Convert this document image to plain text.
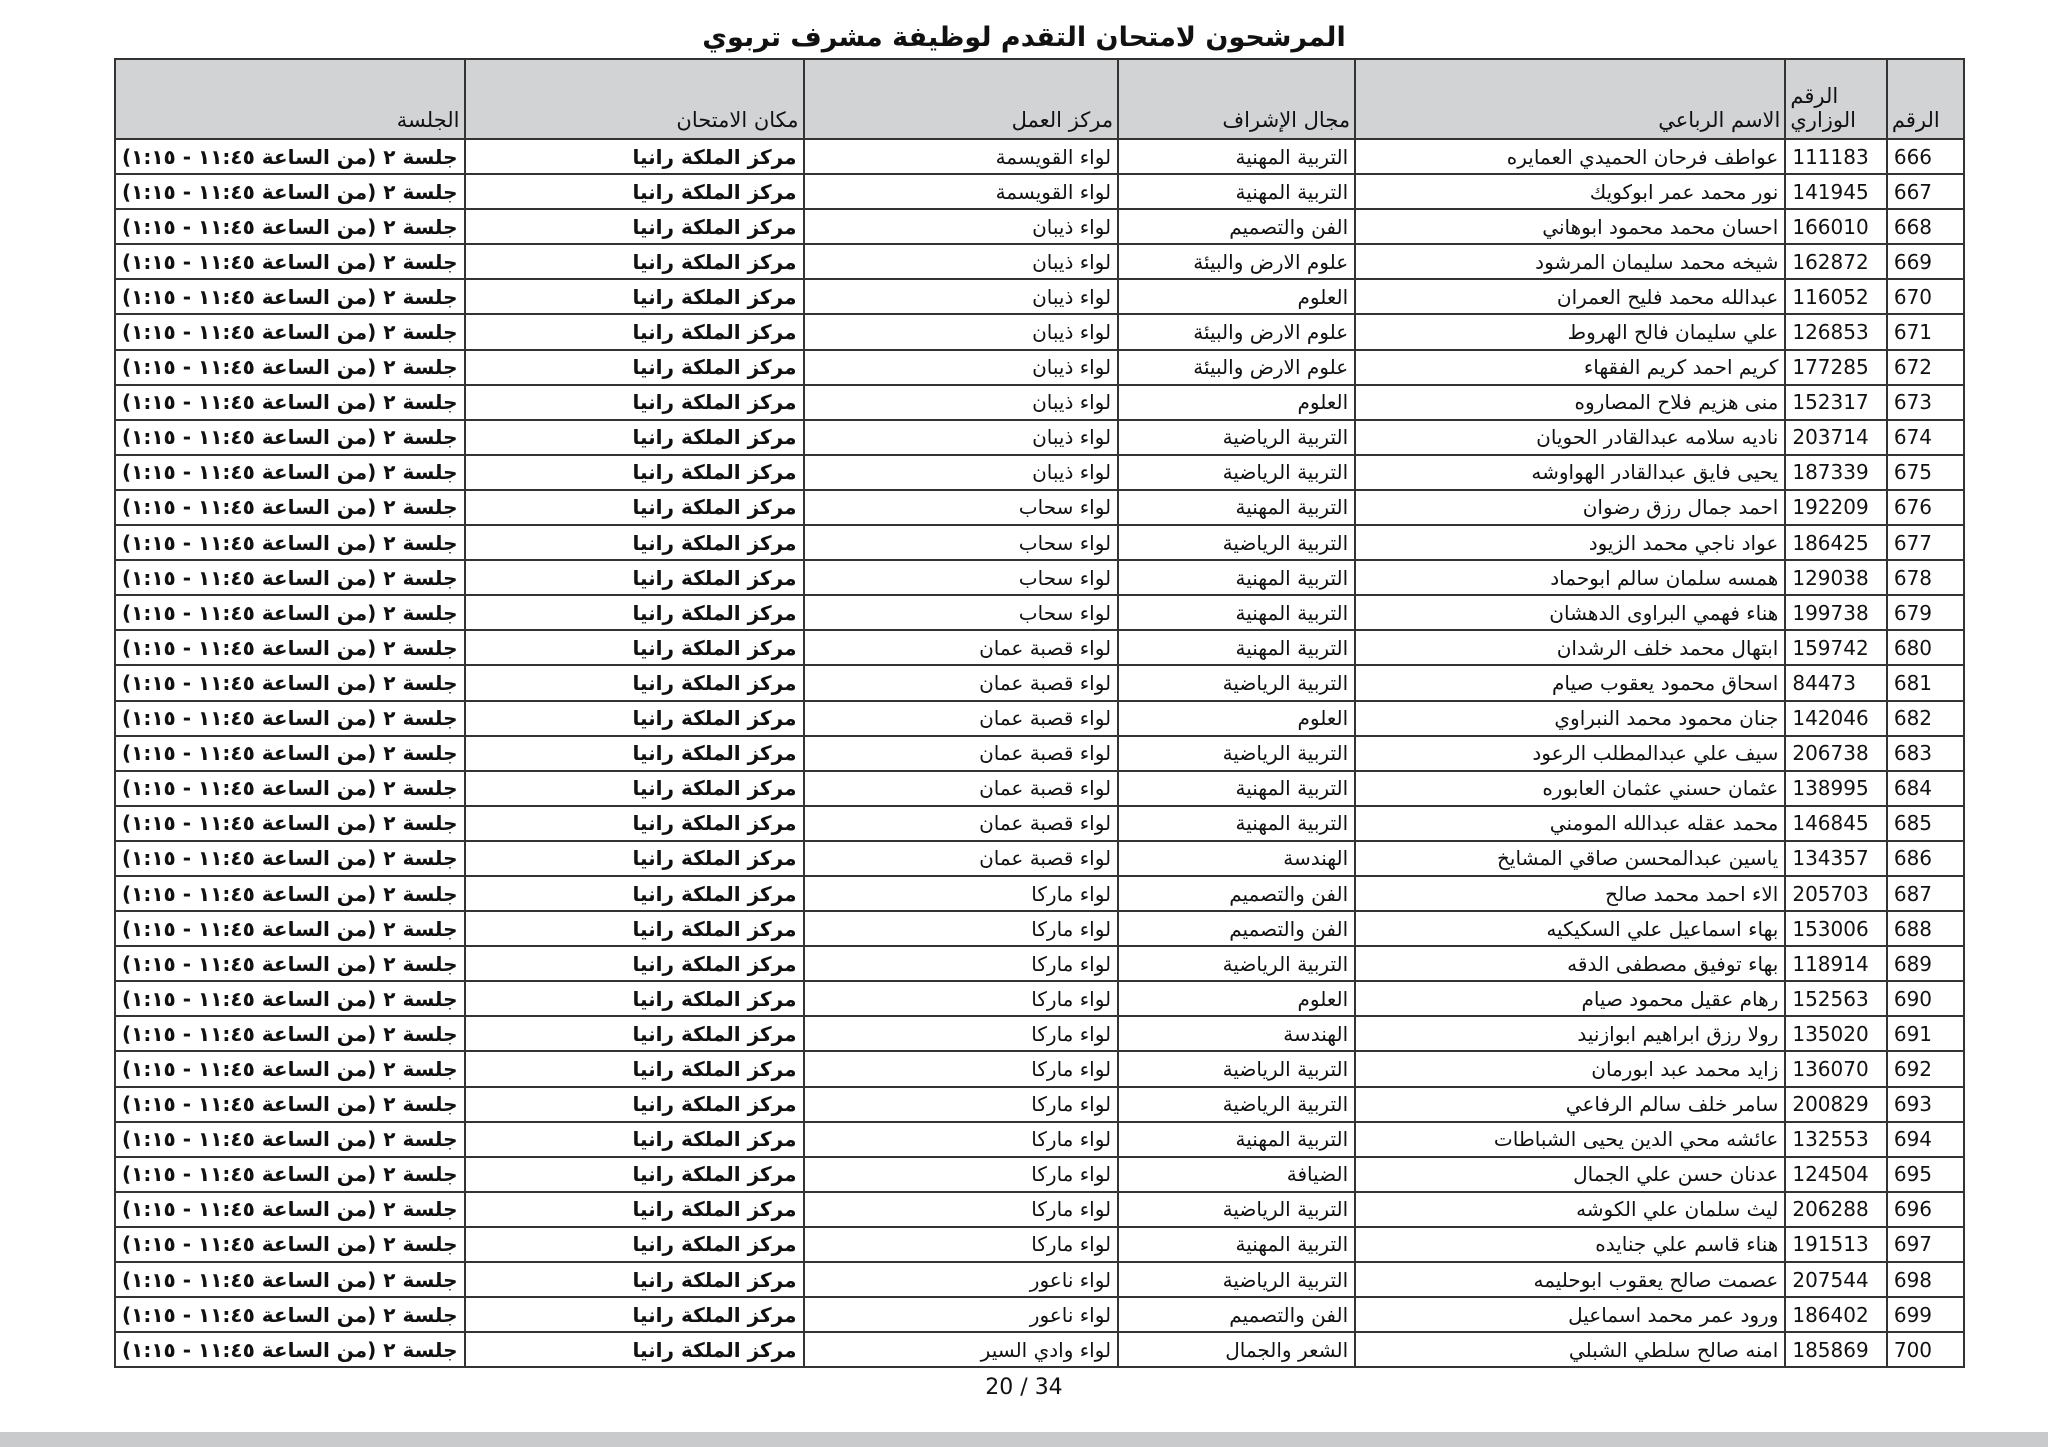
المرشحون لامتحان التقدم لوظيفة مشرف تربوي
الرقم	الرقم الوزاري	الاسم الرباعي	مجال الإشراف	مركز العمل	مكان الامتحان	الجلسة
666	111183	عواطف فرحان الحميدي العمايره	التربية المهنية	لواء القويسمة	مركز الملكة رانيا	جلسة ٢ (من الساعة ١١:٤٥ - ١:١٥)
667	141945	نور محمد عمر ابوكويك	التربية المهنية	لواء القويسمة	مركز الملكة رانيا	جلسة ٢ (من الساعة ١١:٤٥ - ١:١٥)
668	166010	احسان محمد محمود ابوهاني	الفن والتصميم	لواء ذيبان	مركز الملكة رانيا	جلسة ٢ (من الساعة ١١:٤٥ - ١:١٥)
669	162872	شيخه محمد سليمان المرشود	علوم الارض والبيئة	لواء ذيبان	مركز الملكة رانيا	جلسة ٢ (من الساعة ١١:٤٥ - ١:١٥)
670	116052	عبدالله محمد فليح العمران	العلوم	لواء ذيبان	مركز الملكة رانيا	جلسة ٢ (من الساعة ١١:٤٥ - ١:١٥)
671	126853	علي سليمان فالح الهروط	علوم الارض والبيئة	لواء ذيبان	مركز الملكة رانيا	جلسة ٢ (من الساعة ١١:٤٥ - ١:١٥)
672	177285	كريم احمد كريم الفقهاء	علوم الارض والبيئة	لواء ذيبان	مركز الملكة رانيا	جلسة ٢ (من الساعة ١١:٤٥ - ١:١٥)
673	152317	منى هزيم فلاح المصاروه	العلوم	لواء ذيبان	مركز الملكة رانيا	جلسة ٢ (من الساعة ١١:٤٥ - ١:١٥)
674	203714	ناديه سلامه عبدالقادر الحويان	التربية الرياضية	لواء ذيبان	مركز الملكة رانيا	جلسة ٢ (من الساعة ١١:٤٥ - ١:١٥)
675	187339	يحيى فايق عبدالقادر الهواوشه	التربية الرياضية	لواء ذيبان	مركز الملكة رانيا	جلسة ٢ (من الساعة ١١:٤٥ - ١:١٥)
676	192209	احمد جمال رزق رضوان	التربية المهنية	لواء سحاب	مركز الملكة رانيا	جلسة ٢ (من الساعة ١١:٤٥ - ١:١٥)
677	186425	عواد ناجي محمد الزيود	التربية الرياضية	لواء سحاب	مركز الملكة رانيا	جلسة ٢ (من الساعة ١١:٤٥ - ١:١٥)
678	129038	همسه سلمان سالم ابوحماد	التربية المهنية	لواء سحاب	مركز الملكة رانيا	جلسة ٢ (من الساعة ١١:٤٥ - ١:١٥)
679	199738	هناء فهمي البراوى الدهشان	التربية المهنية	لواء سحاب	مركز الملكة رانيا	جلسة ٢ (من الساعة ١١:٤٥ - ١:١٥)
680	159742	ابتهال محمد خلف الرشدان	التربية المهنية	لواء قصبة عمان	مركز الملكة رانيا	جلسة ٢ (من الساعة ١١:٤٥ - ١:١٥)
681	84473	اسحاق محمود يعقوب صيام	التربية الرياضية	لواء قصبة عمان	مركز الملكة رانيا	جلسة ٢ (من الساعة ١١:٤٥ - ١:١٥)
682	142046	جنان محمود محمد النبراوي	العلوم	لواء قصبة عمان	مركز الملكة رانيا	جلسة ٢ (من الساعة ١١:٤٥ - ١:١٥)
683	206738	سيف علي عبدالمطلب الرعود	التربية الرياضية	لواء قصبة عمان	مركز الملكة رانيا	جلسة ٢ (من الساعة ١١:٤٥ - ١:١٥)
684	138995	عثمان حسني عثمان العابوره	التربية المهنية	لواء قصبة عمان	مركز الملكة رانيا	جلسة ٢ (من الساعة ١١:٤٥ - ١:١٥)
685	146845	محمد عقله عبدالله المومني	التربية المهنية	لواء قصبة عمان	مركز الملكة رانيا	جلسة ٢ (من الساعة ١١:٤٥ - ١:١٥)
686	134357	ياسين عبدالمحسن صاقي المشايخ	الهندسة	لواء قصبة عمان	مركز الملكة رانيا	جلسة ٢ (من الساعة ١١:٤٥ - ١:١٥)
687	205703	الاء احمد محمد صالح	الفن والتصميم	لواء ماركا	مركز الملكة رانيا	جلسة ٢ (من الساعة ١١:٤٥ - ١:١٥)
688	153006	بهاء اسماعيل علي السكيكيه	الفن والتصميم	لواء ماركا	مركز الملكة رانيا	جلسة ٢ (من الساعة ١١:٤٥ - ١:١٥)
689	118914	بهاء توفيق مصطفى الدقه	التربية الرياضية	لواء ماركا	مركز الملكة رانيا	جلسة ٢ (من الساعة ١١:٤٥ - ١:١٥)
690	152563	رهام عقيل محمود صيام	العلوم	لواء ماركا	مركز الملكة رانيا	جلسة ٢ (من الساعة ١١:٤٥ - ١:١٥)
691	135020	رولا رزق ابراهيم ابوازنيد	الهندسة	لواء ماركا	مركز الملكة رانيا	جلسة ٢ (من الساعة ١١:٤٥ - ١:١٥)
692	136070	زايد محمد عبد ابورمان	التربية الرياضية	لواء ماركا	مركز الملكة رانيا	جلسة ٢ (من الساعة ١١:٤٥ - ١:١٥)
693	200829	سامر خلف سالم الرفاعي	التربية الرياضية	لواء ماركا	مركز الملكة رانيا	جلسة ٢ (من الساعة ١١:٤٥ - ١:١٥)
694	132553	عائشه محي الدين يحيى الشباطات	التربية المهنية	لواء ماركا	مركز الملكة رانيا	جلسة ٢ (من الساعة ١١:٤٥ - ١:١٥)
695	124504	عدنان حسن علي الجمال	الضيافة	لواء ماركا	مركز الملكة رانيا	جلسة ٢ (من الساعة ١١:٤٥ - ١:١٥)
696	206288	ليث سلمان علي الكوشه	التربية الرياضية	لواء ماركا	مركز الملكة رانيا	جلسة ٢ (من الساعة ١١:٤٥ - ١:١٥)
697	191513	هناء قاسم علي جنايده	التربية المهنية	لواء ماركا	مركز الملكة رانيا	جلسة ٢ (من الساعة ١١:٤٥ - ١:١٥)
698	207544	عصمت صالح يعقوب ابوحليمه	التربية الرياضية	لواء ناعور	مركز الملكة رانيا	جلسة ٢ (من الساعة ١١:٤٥ - ١:١٥)
699	186402	ورود عمر محمد اسماعيل	الفن والتصميم	لواء ناعور	مركز الملكة رانيا	جلسة ٢ (من الساعة ١١:٤٥ - ١:١٥)
700	185869	امنه صالح سلطي الشبلي	الشعر والجمال	لواء وادي السير	مركز الملكة رانيا	جلسة ٢ (من الساعة ١١:٤٥ - ١:١٥)
20 / 34
